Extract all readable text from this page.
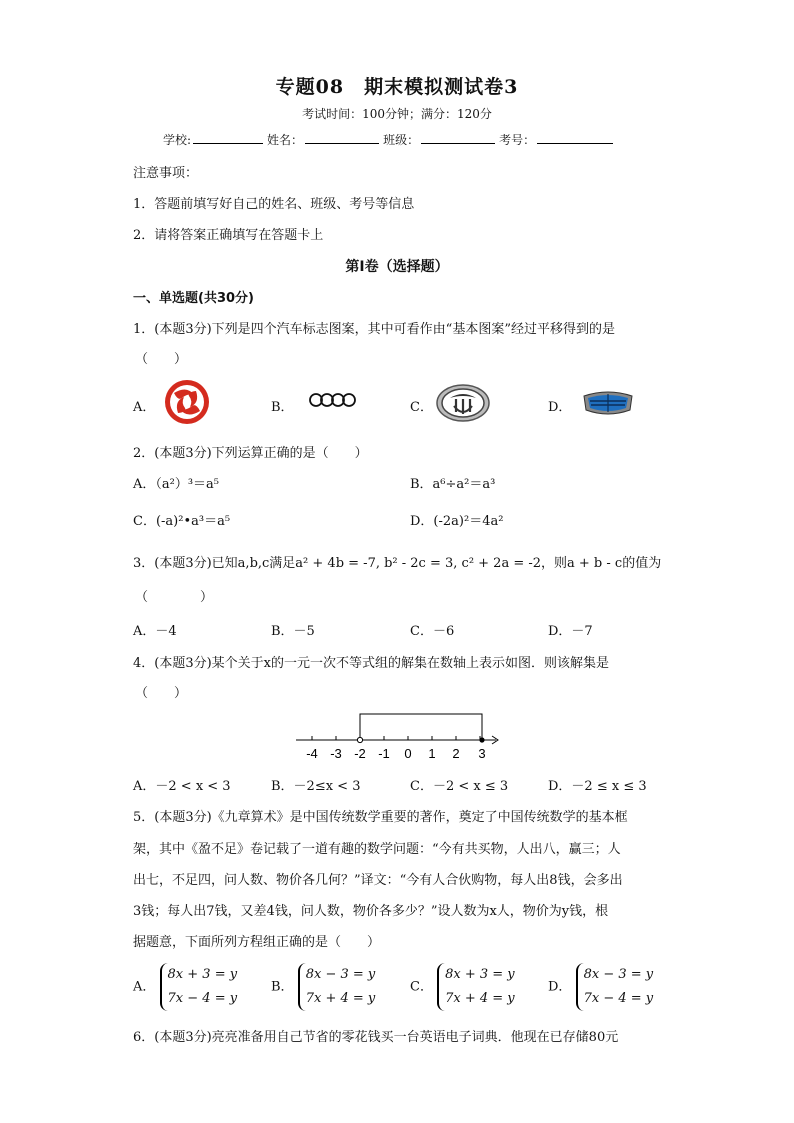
专题08　期末模拟测试卷3
考试时间：100分钟；满分：120分
学校:	姓名：	班级：	考号：
注意事项：
1．答题前填写好自己的姓名、班级、考号等信息
2．请将答案正确填写在答题卡上
第I卷（选择题）
一、单选题(共30分)
1．(本题3分)下列是四个汽车标志图案，其中可看作由“基本图案”经过平移得到的是
（　　）
A．	B．	C．	D．
2．(本题3分)下列运算正确的是（　　）
A．（a²）³＝a⁵	B．a⁶÷a²＝a³
C．(-a)²•a³＝a⁵	D．(-2a)²＝4a²
3．(本题3分)已知a,b,c满足a² + 4b = -7, b² - 2c = 3, c² + 2a = -2，则a + b - c的值为
（　　　　）
A．－4	B．－5	C．－6	D．－7
4．(本题3分)某个关于x的一元一次不等式组的解集在数轴上表示如图．则该解集是
（　　）
-4 -3 -2 -1 0 1 2 3
A．－2 < x < 3	B．－2≤x < 3	C．－2 < x ≤ 3	D．－2 ≤ x ≤ 3
5．(本题3分)《九章算术》是中国传统数学重要的著作，奠定了中国传统数学的基本框
架，其中《盈不足》卷记载了一道有趣的数学问题：“今有共买物，人出八，赢三；人
出七，不足四，问人数、物价各几何？”译文：“今有人合伙购物，每人出8钱，会多出
3钱；每人出7钱，又差4钱，问人数，物价各多少？”设人数为x人，物价为y钱，根
据题意，下面所列方程组正确的是（　　）
A． 8x + 3 = y
7x − 4 = y
B． 8x − 3 = y
7x + 4 = y
C． 8x + 3 = y
7x + 4 = y
D． 8x − 3 = y
7x − 4 = y
6．(本题3分)亮亮准备用自己节省的零花钱买一台英语电子词典．他现在已存储80元
